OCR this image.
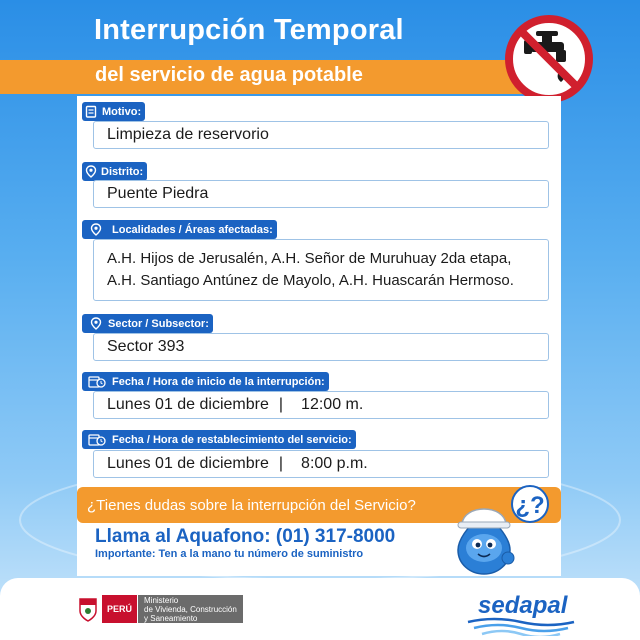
Interrupción Temporal
del servicio de agua potable
Motivo:
Limpieza de reservorio
Distrito:
Puente Piedra
Localidades / Áreas afectadas:
A.H. Hijos de Jerusalén, A.H. Señor de Muruhuay 2da etapa,
A.H. Santiago Antúnez de Mayolo, A.H. Huascarán Hermoso.
Sector / Subsector:
Sector 393
Fecha / Hora de inicio de la interrupción:
Lunes 01 de diciembre | 12:00 m.
Fecha / Hora de restablecimiento del servicio:
Lunes 01 de diciembre | 8:00 p.m.
¿Tienes dudas sobre la interrupción del Servicio?

Llama al Aquafono: (01) 317-8000

Importante: Ten a la mano tu número de suministro

¿?
PERÚ
Ministerio
de Vivienda, Construcción
y Saneamiento	sedapal
